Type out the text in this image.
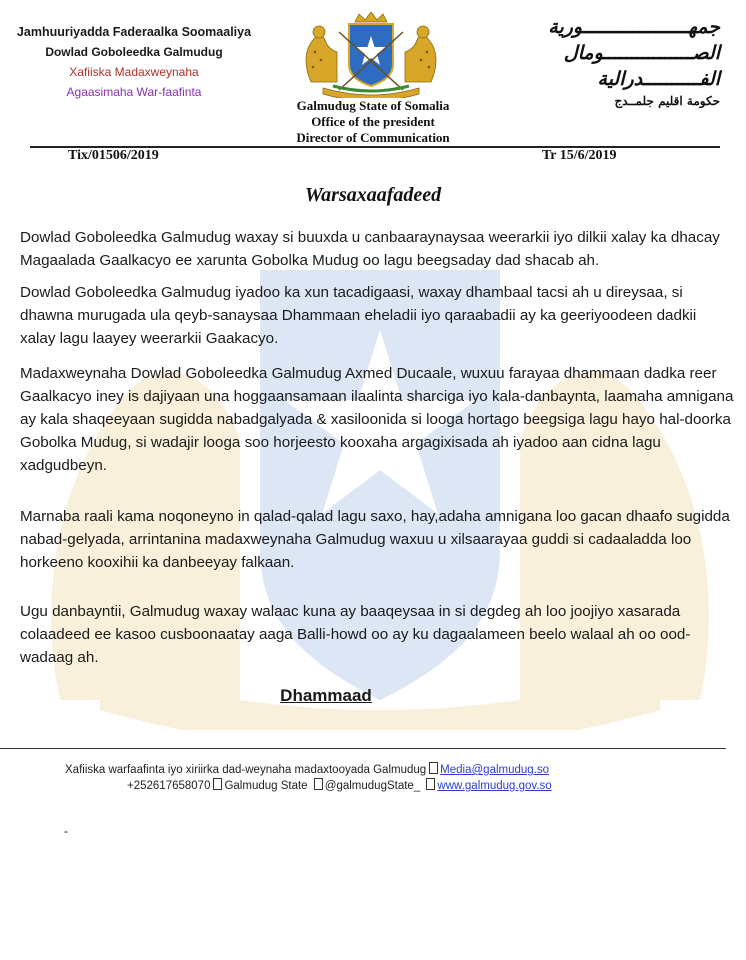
Jamhuuriyadda Faderaalka Soomaaliya
Dowlad Goboleedka Galmudug
Xafiiska Madaxweynaha
Agaasimaha War-faafinta
جمهـــــــــــــــــــورية
الصــــــــــــــــومال
الفــــــــــدرالية
حكومة اقليم جلمــدج
Galmudug State of Somalia
Office of the president
Director of Communication
Tix/01506/2019	Tr 15/6/2019
Warsaxaafadeed

Dowlad Goboleedka Galmudug waxay si buuxda u canbaaraynaysaa weerarkii iyo dilkii xalay ka dhacay Magaalada Gaalkacyo ee xarunta Gobolka Mudug oo lagu beegsaday dad shacab ah.

Dowlad Goboleedka Galmudug iyadoo ka xun tacadigaasi, waxay dhambaal tacsi ah u direysaa, si dhawna murugada ula qeyb-sanaysaa Dhammaan eheladii iyo qaraabadii ay ka geeriyoodeen dadkii xalay lagu laayey weerarkii Gaakacyo.

Madaxweynaha Dowlad Goboleedka Galmudug Axmed Ducaale, wuxuu farayaa dhammaan dadka reer Gaalkacyo iney is dajiyaan una hoggaansamaan ilaalinta sharciga iyo kala-danbaynta, laamaha amnigana ay kala shaqeeyaan sugidda nabadgalyada & xasiloonida si looga hortago beegsiga lagu hayo hal-doorka Gobolka Mudug, si wadajir looga soo horjeesto kooxaha argagixisada ah iyadoo aan cidna lagu xadgudbeyn.

Marnaba raali kama noqoneyno in qalad-qalad lagu saxo, hay,adaha amnigana loo gacan dhaafo sugidda nabad-gelyada, arrintanina madaxweynaha Galmudug waxuu u xilsaarayaa guddi si cadaaladda loo horkeeno kooxihii ka danbeeyay falkaan.

Ugu danbayntii, Galmudug waxay walaac kuna ay baaqeysaa in si degdeg ah loo joojiyo xasarada colaadeed ee kasoo cusboonaatay aaga Balli-howd oo ay ku dagaalameen beelo walaal ah oo ood-wadaag ah.

Dhammaad
Xafiiska warfaafinta iyo xiriirka dad-weynaha madaxtooyada Galmudug Media@galmudug.so
+252617658070 Galmudug State @galmudugState_ www.galmudug.gov.so
-
